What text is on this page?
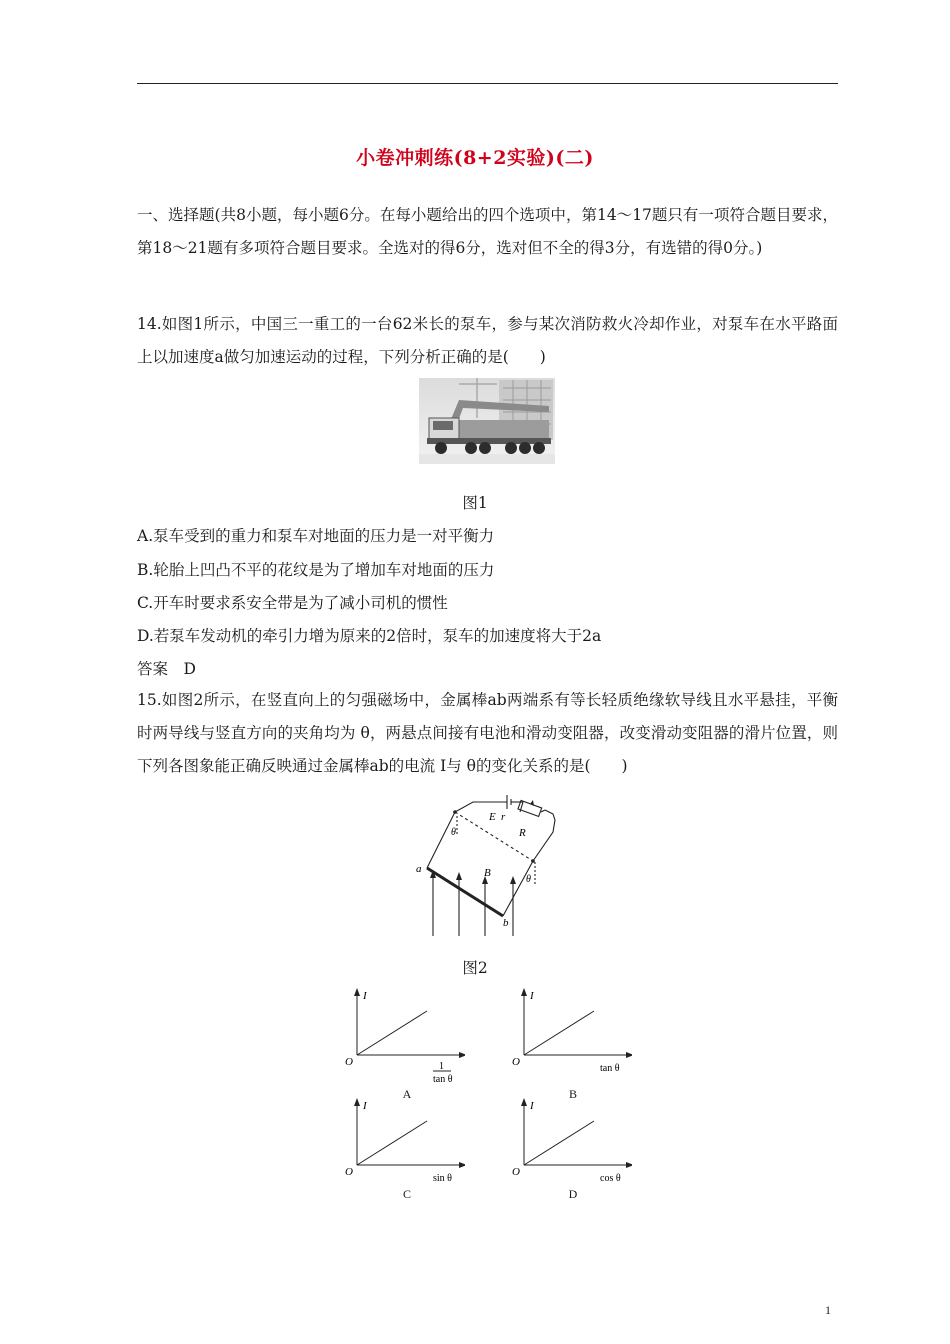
小卷冲刺练(8+2实验)(二)
一、选择题(共8小题，每小题6分。在每小题给出的四个选项中，第14～17题只有一项符合题目要求，第18～21题有多项符合题目要求。全选对的得6分，选对但不全的得3分，有选错的得0分。)
14.如图1所示，中国三一重工的一台62米长的泵车，参与某次消防救火冷却作业，对泵车在水平路面上以加速度a做匀加速运动的过程，下列分析正确的是(　　)
图1
A.泵车受到的重力和泵车对地面的压力是一对平衡力
B.轮胎上凹凸不平的花纹是为了增加车对地面的压力
C.开车时要求系安全带是为了减小司机的惯性
D.若泵车发动机的牵引力增为原来的2倍时，泵车的加速度将大于2a
答案　D
15.如图2所示，在竖直向上的匀强磁场中，金属棒ab两端系有等长轻质绝缘软导线且水平悬挂，平衡时两导线与竖直方向的夹角均为 θ，两悬点间接有电池和滑动变阻器，改变滑动变阻器的滑片位置，则下列各图象能正确反映通过金属棒ab的电流 I与 θ的变化关系的是(　　)
E r
R
B
a
b
θ
θ
图2
I
O	1
tan θ
A
I
O
tan θ
B
I
O
sin θ
C
I
O
cos θ
D
1
